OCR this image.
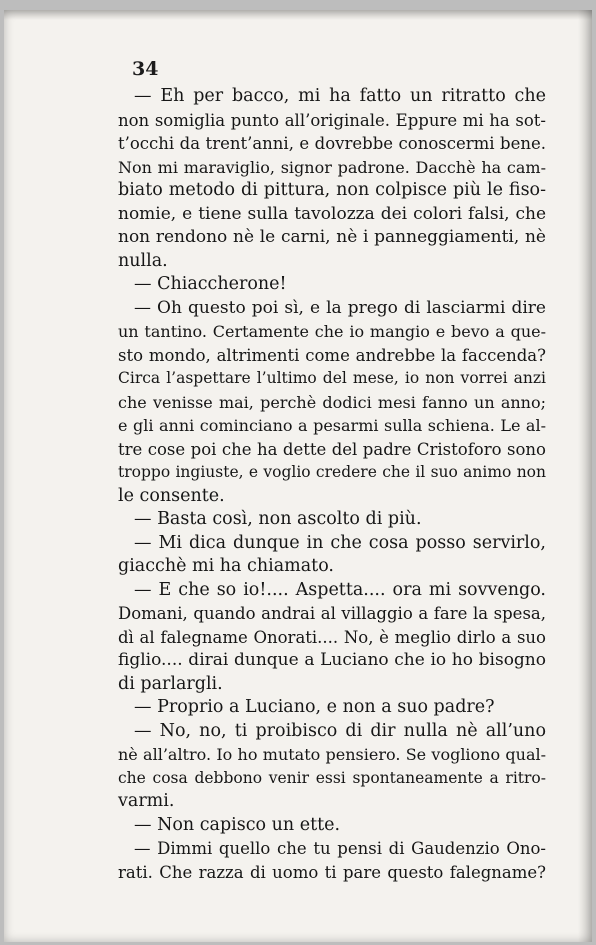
34
— Eh per bacco, mi ha fatto un ritratto che
non somiglia punto all’originale. Eppure mi ha sot-
t’occhi da trent’anni, e dovrebbe conoscermi bene.
Non mi maraviglio, signor padrone. Dacchè ha cam-
biato metodo di pittura, non colpisce più le fiso-
nomie, e tiene sulla tavolozza dei colori falsi, che
non rendono nè le carni, nè i panneggiamenti, nè
nulla.
— Chiaccherone!
— Oh questo poi sì, e la prego di lasciarmi dire
un tantino. Certamente che io mangio e bevo a que-
sto mondo, altrimenti come andrebbe la faccenda?
Circa l’aspettare l’ultimo del mese, io non vorrei anzi
che venisse mai, perchè dodici mesi fanno un anno;
e gli anni cominciano a pesarmi sulla schiena. Le al-
tre cose poi che ha dette del padre Cristoforo sono
troppo ingiuste, e voglio credere che il suo animo non
le consente.
— Basta così, non ascolto di più.
— Mi dica dunque in che cosa posso servirlo,
giacchè mi ha chiamato.
— E che so io!.... Aspetta.... ora mi sovvengo.
Domani, quando andrai al villaggio a fare la spesa,
dì al falegname Onorati.... No, è meglio dirlo a suo
figlio.... dirai dunque a Luciano che io ho bisogno
di parlargli.
— Proprio a Luciano, e non a suo padre?
— No, no, ti proibisco di dir nulla nè all’uno
nè all’altro. Io ho mutato pensiero. Se vogliono qual-
che cosa debbono venir essi spontaneamente a ritro-
varmi.
— Non capisco un ette.
— Dimmi quello che tu pensi di Gaudenzio Ono-
rati. Che razza di uomo ti pare questo falegname?
